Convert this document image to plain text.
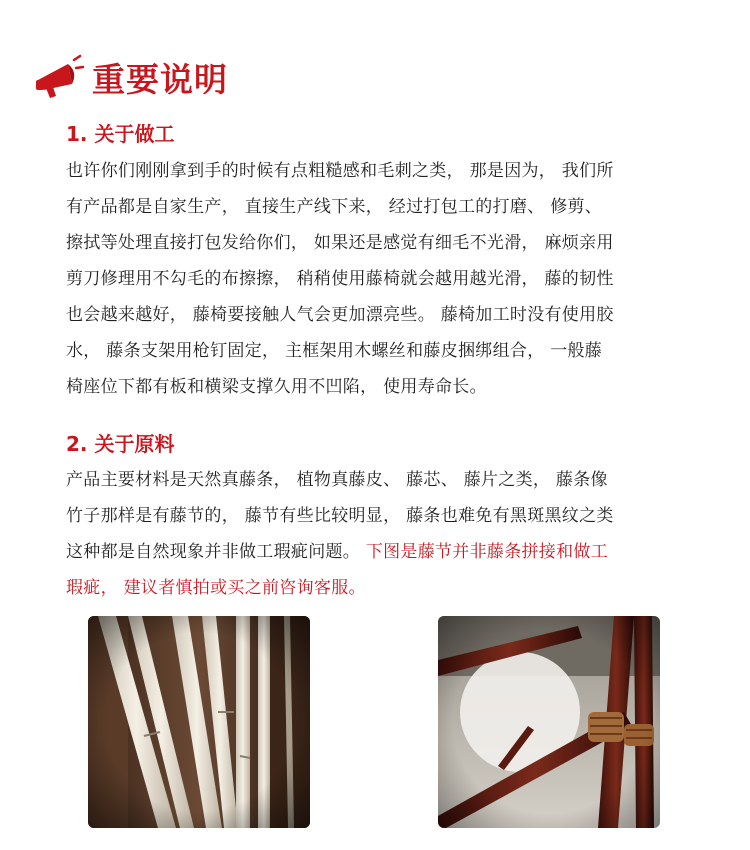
重要说明
1. 关于做工
也许你们刚刚拿到手的时候有点粗糙感和毛刺之类， 那是因为， 我们所
有产品都是自家生产， 直接生产线下来， 经过打包工的打磨、 修剪、
擦拭等处理直接打包发给你们， 如果还是感觉有细毛不光滑， 麻烦亲用
剪刀修理用不勾毛的布擦擦， 稍稍使用藤椅就会越用越光滑， 藤的韧性
也会越来越好， 藤椅要接触人气会更加漂亮些。 藤椅加工时没有使用胶
水， 藤条支架用枪钉固定， 主框架用木螺丝和藤皮捆绑组合， 一般藤
椅座位下都有板和横梁支撑久用不凹陷， 使用寿命长。
2. 关于原料
产品主要材料是天然真藤条， 植物真藤皮、 藤芯、 藤片之类， 藤条像
竹子那样是有藤节的， 藤节有些比较明显， 藤条也难免有黑斑黑纹之类
这种都是自然现象并非做工瑕疵问题。 下图是藤节并非藤条拼接和做工
瑕疵， 建议者慎拍或买之前咨询客服。
